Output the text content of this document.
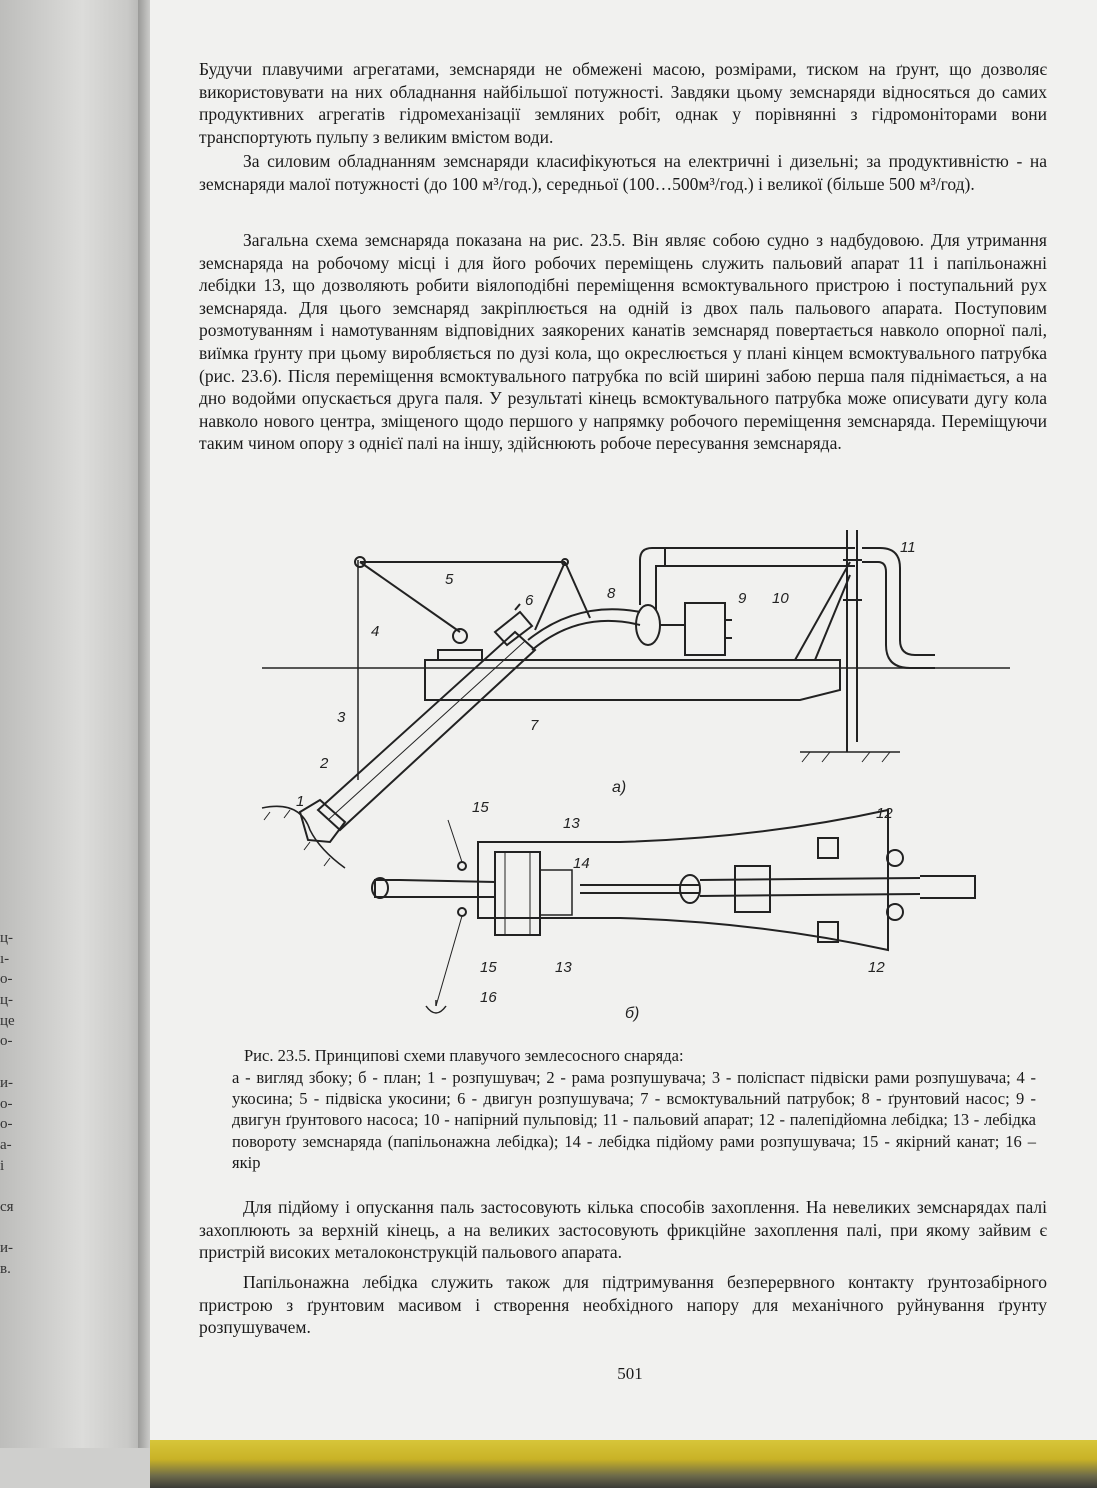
ц-
ı-
о-
ц-
це
о-
и-
о-
о-
а-
і
ся
и-
в.

Будучи плавучими агрегатами, земснаряди не обмежені масою, розмірами, тиском на ґрунт, що дозволяє використовувати на них обладнання найбільшої потужності. Завдяки цьому земснаряди відносяться до самих продуктивних агрегатів гідромеханізації земляних робіт, однак у порівнянні з гідромоніторами вони транспортують пульпу з великим вмістом води.

За силовим обладнанням земснаряди класифікуються на електричні і дизельні; за продуктивністю - на земснаряди малої потужності (до 100 м³/год.), середньої (100…500м³/год.) і великої (більше 500 м³/год).

Загальна схема земснаряда показана на рис. 23.5. Він являє собою судно з надбудовою. Для утримання земснаряда на робочому місці і для його робочих переміщень служить пальовий апарат 11 і папільонажні лебідки 13, що дозволяють робити віялоподібні переміщення всмоктувального пристрою і поступальний рух земснаряда. Для цього земснаряд закріплюється на одній із двох паль пальового апарата. Поступовим розмотуванням і намотуванням відповідних заякорених канатів земснаряд повертається навколо опорної палі, виїмка ґрунту при цьому виробляється по дузі кола, що окреслюється у плані кінцем всмоктувального патрубка (рис. 23.6). Після переміщення всмоктувального патрубка по всій ширині забою перша паля піднімається, а на дно водойми опускається друга паля. У результаті кінець всмоктувального патрубка може описувати дугу кола навколо нового центра, зміщеного щодо першого у напрямку робочого переміщення земснаряда. Переміщуючи таким чином опору з однієї палі на іншу, здійснюють робоче пересування земснаряда.

1
2
3
4
5
6
7
8	9 10
11
12
12
13
13
14
15
15
16
а)
б)

Рис. 23.5. Принципові схеми плавучого землесосного снаряда:

а - вигляд збоку; б - план; 1 - розпушувач; 2 - рама розпушувача; 3 - поліспаст підвіски рами розпушувача; 4 - укосина; 5 - підвіска укосини; 6 - двигун розпушувача; 7 - всмоктувальний патрубок; 8 - ґрунтовий насос; 9 - двигун ґрунтового насоса; 10 - напірний пульповід; 11 - пальовий апарат; 12 - палепідйомна лебідка; 13 - лебідка повороту земснаряда (папільонажна лебідка); 14 - лебідка підйому рами розпушувача; 15 - якірний канат; 16 – якір

Для підйому і опускання паль застосовують кілька способів захоплення. На невеликих земснарядах палі захоплюють за верхній кінець, а на великих застосовують фрикційне захоплення палі, при якому зайвим є пристрій високих металоконструкцій пальового апарата.

Папільонажна лебідка служить також для підтримування безперервного контакту ґрунтозабірного пристрою з ґрунтовим масивом і створення необхідного напору для механічного руйнування ґрунту розпушувачем.

501
